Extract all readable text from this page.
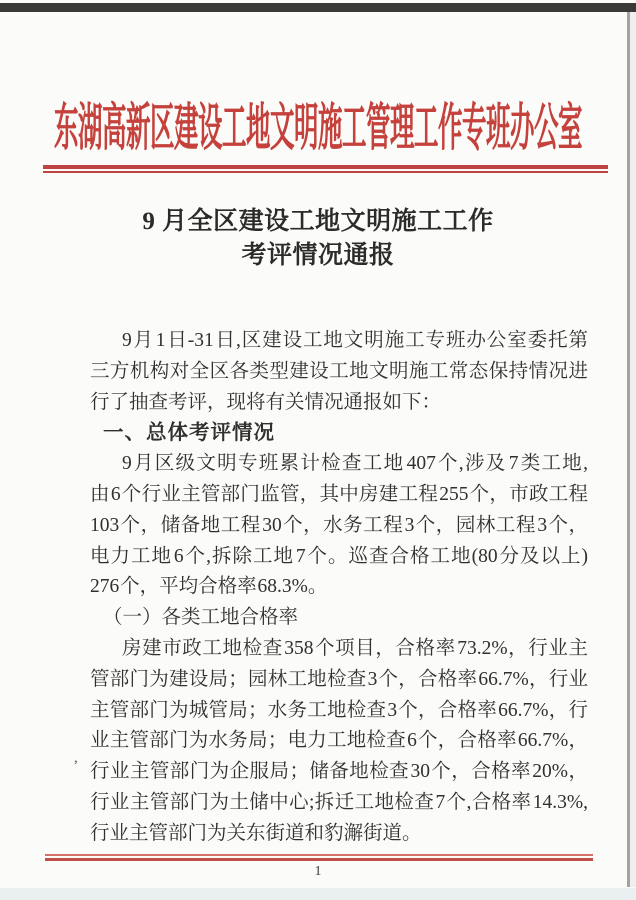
东湖高新区建设工地文明施工管理工作专班办公室
9 月全区建设工地文明施工工作
考评情况通报
9 月 1 日-31 日,区建设工地文明施工专班办公室委托第
三方机构对全区各类型建设工地文明施工常态保持情况进
行了抽查考评，现将有关情况通报如下：
一、总体考评情况
9 月区级文明专班累计检查工地 407 个,涉及 7 类工地,
由 6 个行业主管部门监管，其中房建工程 255 个，市政工程
103 个，储备地工程 30 个，水务工程 3 个，园林工程 3 个，
电力工地 6 个,拆除工地 7 个。巡查合格工地(80 分及以上)
276 个，平均合格率 68.3%。
（一）各类工地合格率
房建市政工地检查 358 个项目，合格率 73.2%，行业主
管部门为建设局；园林工地检查 3 个，合格率 66.7%，行业
主管部门为城管局；水务工地检查 3 个，合格率 66.7%，行
业主管部门为水务局；电力工地检查 6 个，合格率 66.7%，
行业主管部门为企服局；储备地检查 30 个，合格率 20%，
行业主管部门为土储中心;拆迁工地检查 7 个,合格率 14.3%,
行业主管部门为关东街道和豹澥街道。
,
1
